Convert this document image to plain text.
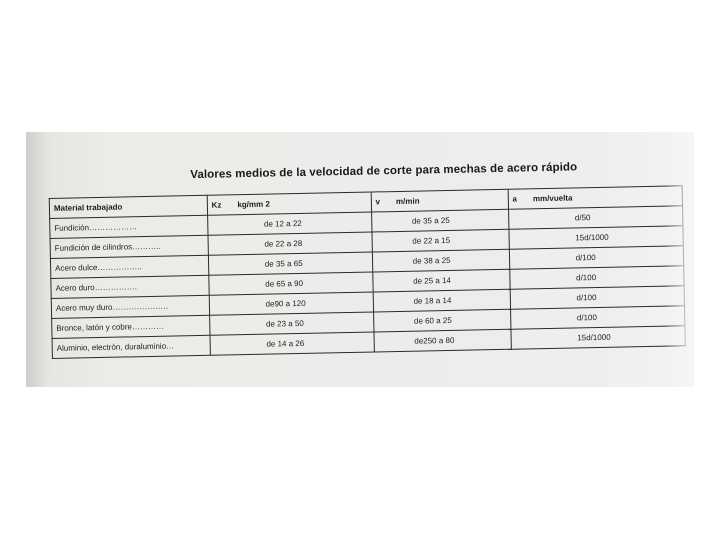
Valores medios de la velocidad de corte para mechas de acero rápido
Material trabajado	Kz kg/mm 2	v m/min	a mm/vuelta
Fundición………………	de 12 a 22	de 35 a 25	d/50
Fundición de cilindros………..	de 22 a 28	de 22 a 15	15d/1000
Acero dulce……………..	de 35 a 65	de 38 a 25	d/100
Acero duro…………….	de 65 a 90	de 25 a 14	d/100
Acero muy duro…………………	de90 a 120	de 18 a 14	d/100
Bronce, latón y cobre…………	de 23 a 50	de 60 a 25	d/100
Aluminio, electrón, duraluminio…	de 14 a 26	de250 a 80	15d/1000
